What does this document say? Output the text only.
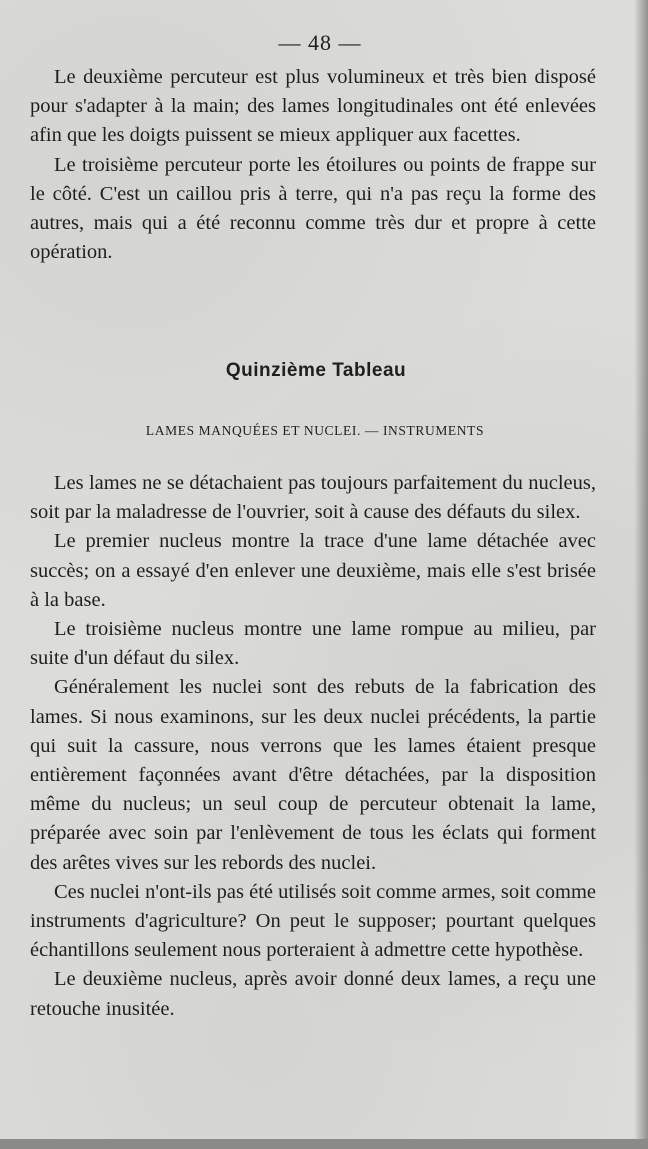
— 48 —

Le deuxième percuteur est plus volumineux et très bien disposé pour s'adapter à la main; des lames longitudinales ont été enlevées afin que les doigts puissent se mieux appliquer aux facettes.

Le troisième percuteur porte les étoilures ou points de frappe sur le côté. C'est un caillou pris à terre, qui n'a pas reçu la forme des autres, mais qui a été reconnu comme très dur et propre à cette opération.

Quinzième Tableau
LAMES MANQUÉES ET NUCLEI. — INSTRUMENTS

Les lames ne se détachaient pas toujours parfaitement du nucleus, soit par la maladresse de l'ouvrier, soit à cause des défauts du silex.

Le premier nucleus montre la trace d'une lame détachée avec succès; on a essayé d'en enlever une deuxième, mais elle s'est brisée à la base.

Le troisième nucleus montre une lame rompue au milieu, par suite d'un défaut du silex.

Généralement les nuclei sont des rebuts de la fabrication des lames. Si nous examinons, sur les deux nuclei précédents, la partie qui suit la cassure, nous verrons que les lames étaient presque entièrement façonnées avant d'être détachées, par la disposition même du nucleus; un seul coup de percuteur obtenait la lame, préparée avec soin par l'enlèvement de tous les éclats qui forment des arêtes vives sur les rebords des nuclei.

Ces nuclei n'ont-ils pas été utilisés soit comme armes, soit comme instruments d'agriculture? On peut le supposer; pourtant quelques échantillons seulement nous porteraient à admettre cette hypothèse.

Le deuxième nucleus, après avoir donné deux lames, a reçu une retouche inusitée.
